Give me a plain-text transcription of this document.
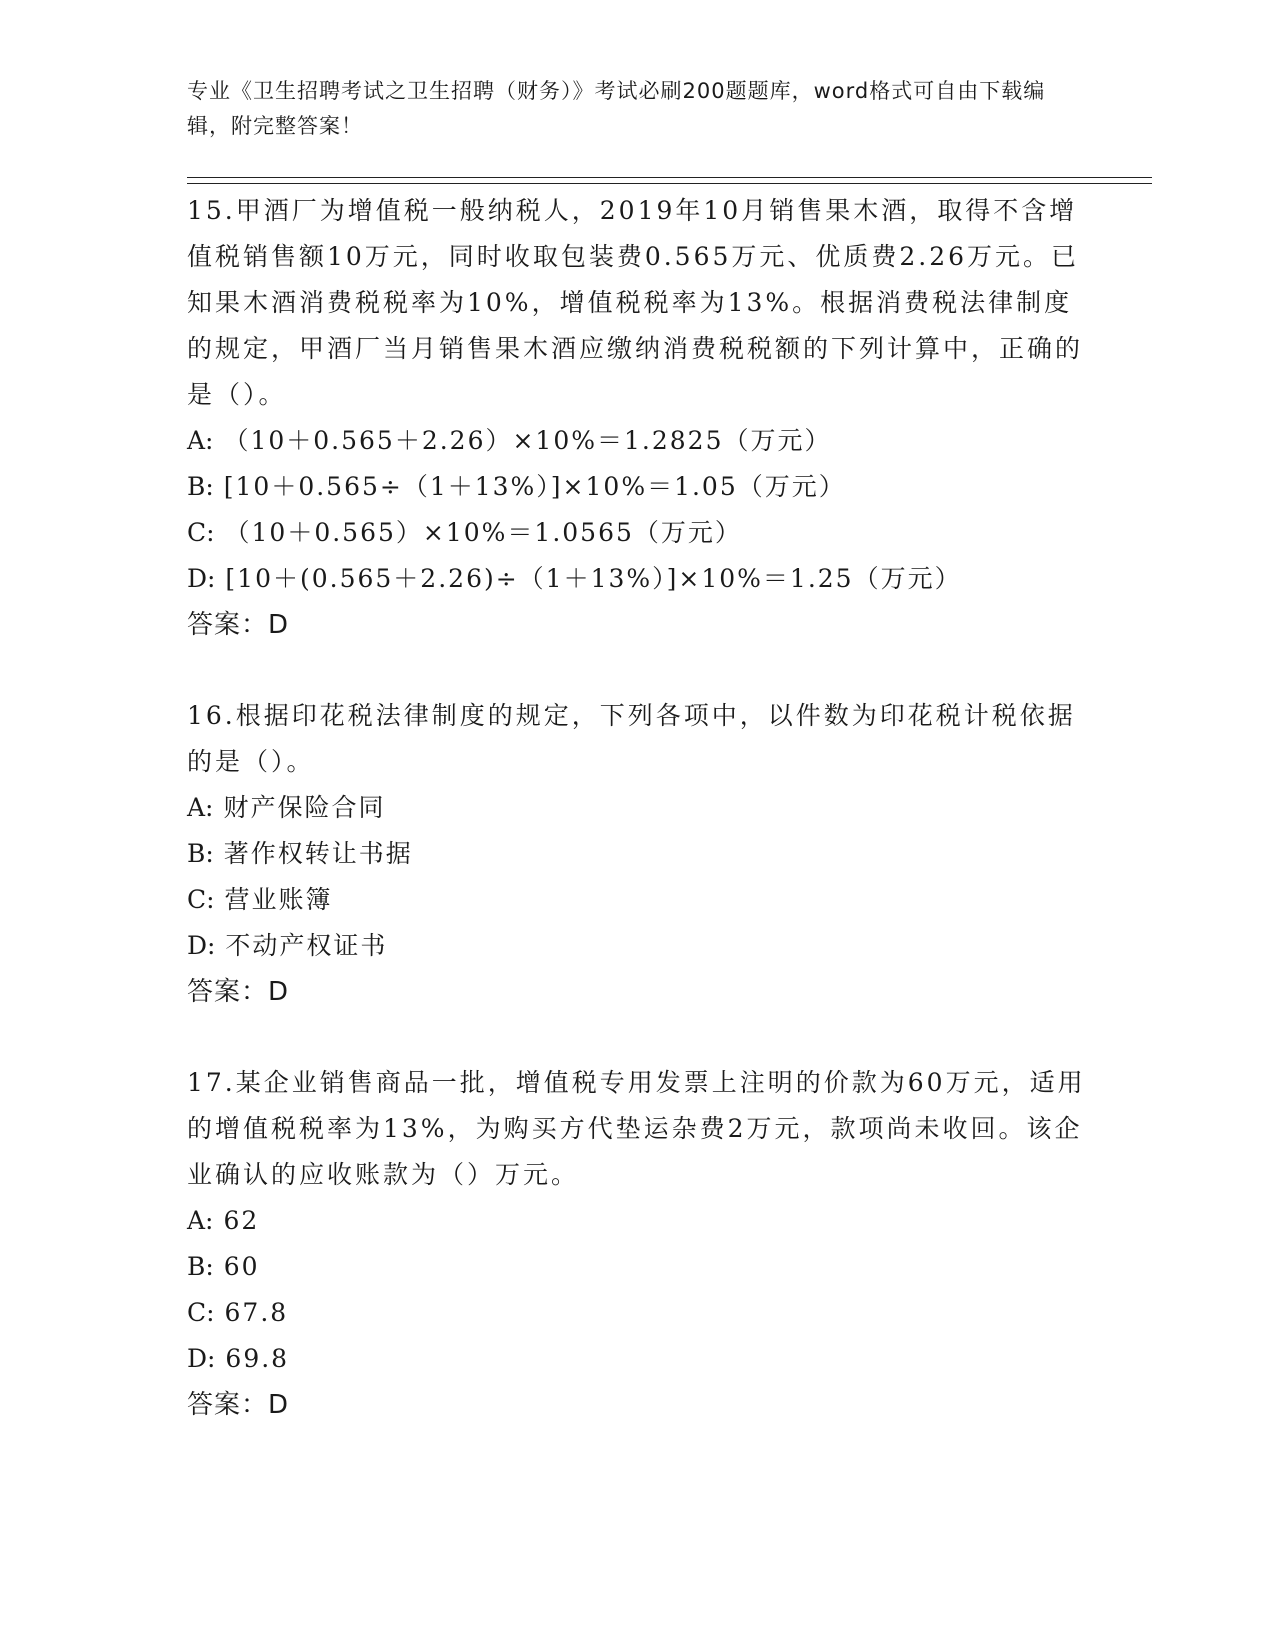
专业《卫生招聘考试之卫生招聘（财务）》考试必刷200题题库，word格式可自由下载编辑，附完整答案！

15.甲酒厂为增值税一般纳税人，2019年10月销售果木酒，取得不含增值税销售额10万元，同时收取包装费0.565万元、优质费2.26万元。已知果木酒消费税税率为10%，增值税税率为13%。根据消费税法律制度的规定，甲酒厂当月销售果木酒应缴纳消费税税额的下列计算中，正确的是（）。

A: （10＋0.565＋2.26）×10%＝1.2825（万元）

B: [10＋0.565÷（1＋13%）]×10%＝1.05（万元）

C: （10＋0.565）×10%＝1.0565（万元）

D: [10＋(0.565＋2.26)÷（1＋13%）]×10%＝1.25（万元）

答案：D

16.根据印花税法律制度的规定，下列各项中，以件数为印花税计税依据的是（）。

A: 财产保险合同

B: 著作权转让书据

C: 营业账簿

D: 不动产权证书

答案：D

17.某企业销售商品一批，增值税专用发票上注明的价款为60万元，适用的增值税税率为13%，为购买方代垫运杂费2万元，款项尚未收回。该企业确认的应收账款为（）万元。

A: 62

B: 60

C: 67.8

D: 69.8

答案：D
